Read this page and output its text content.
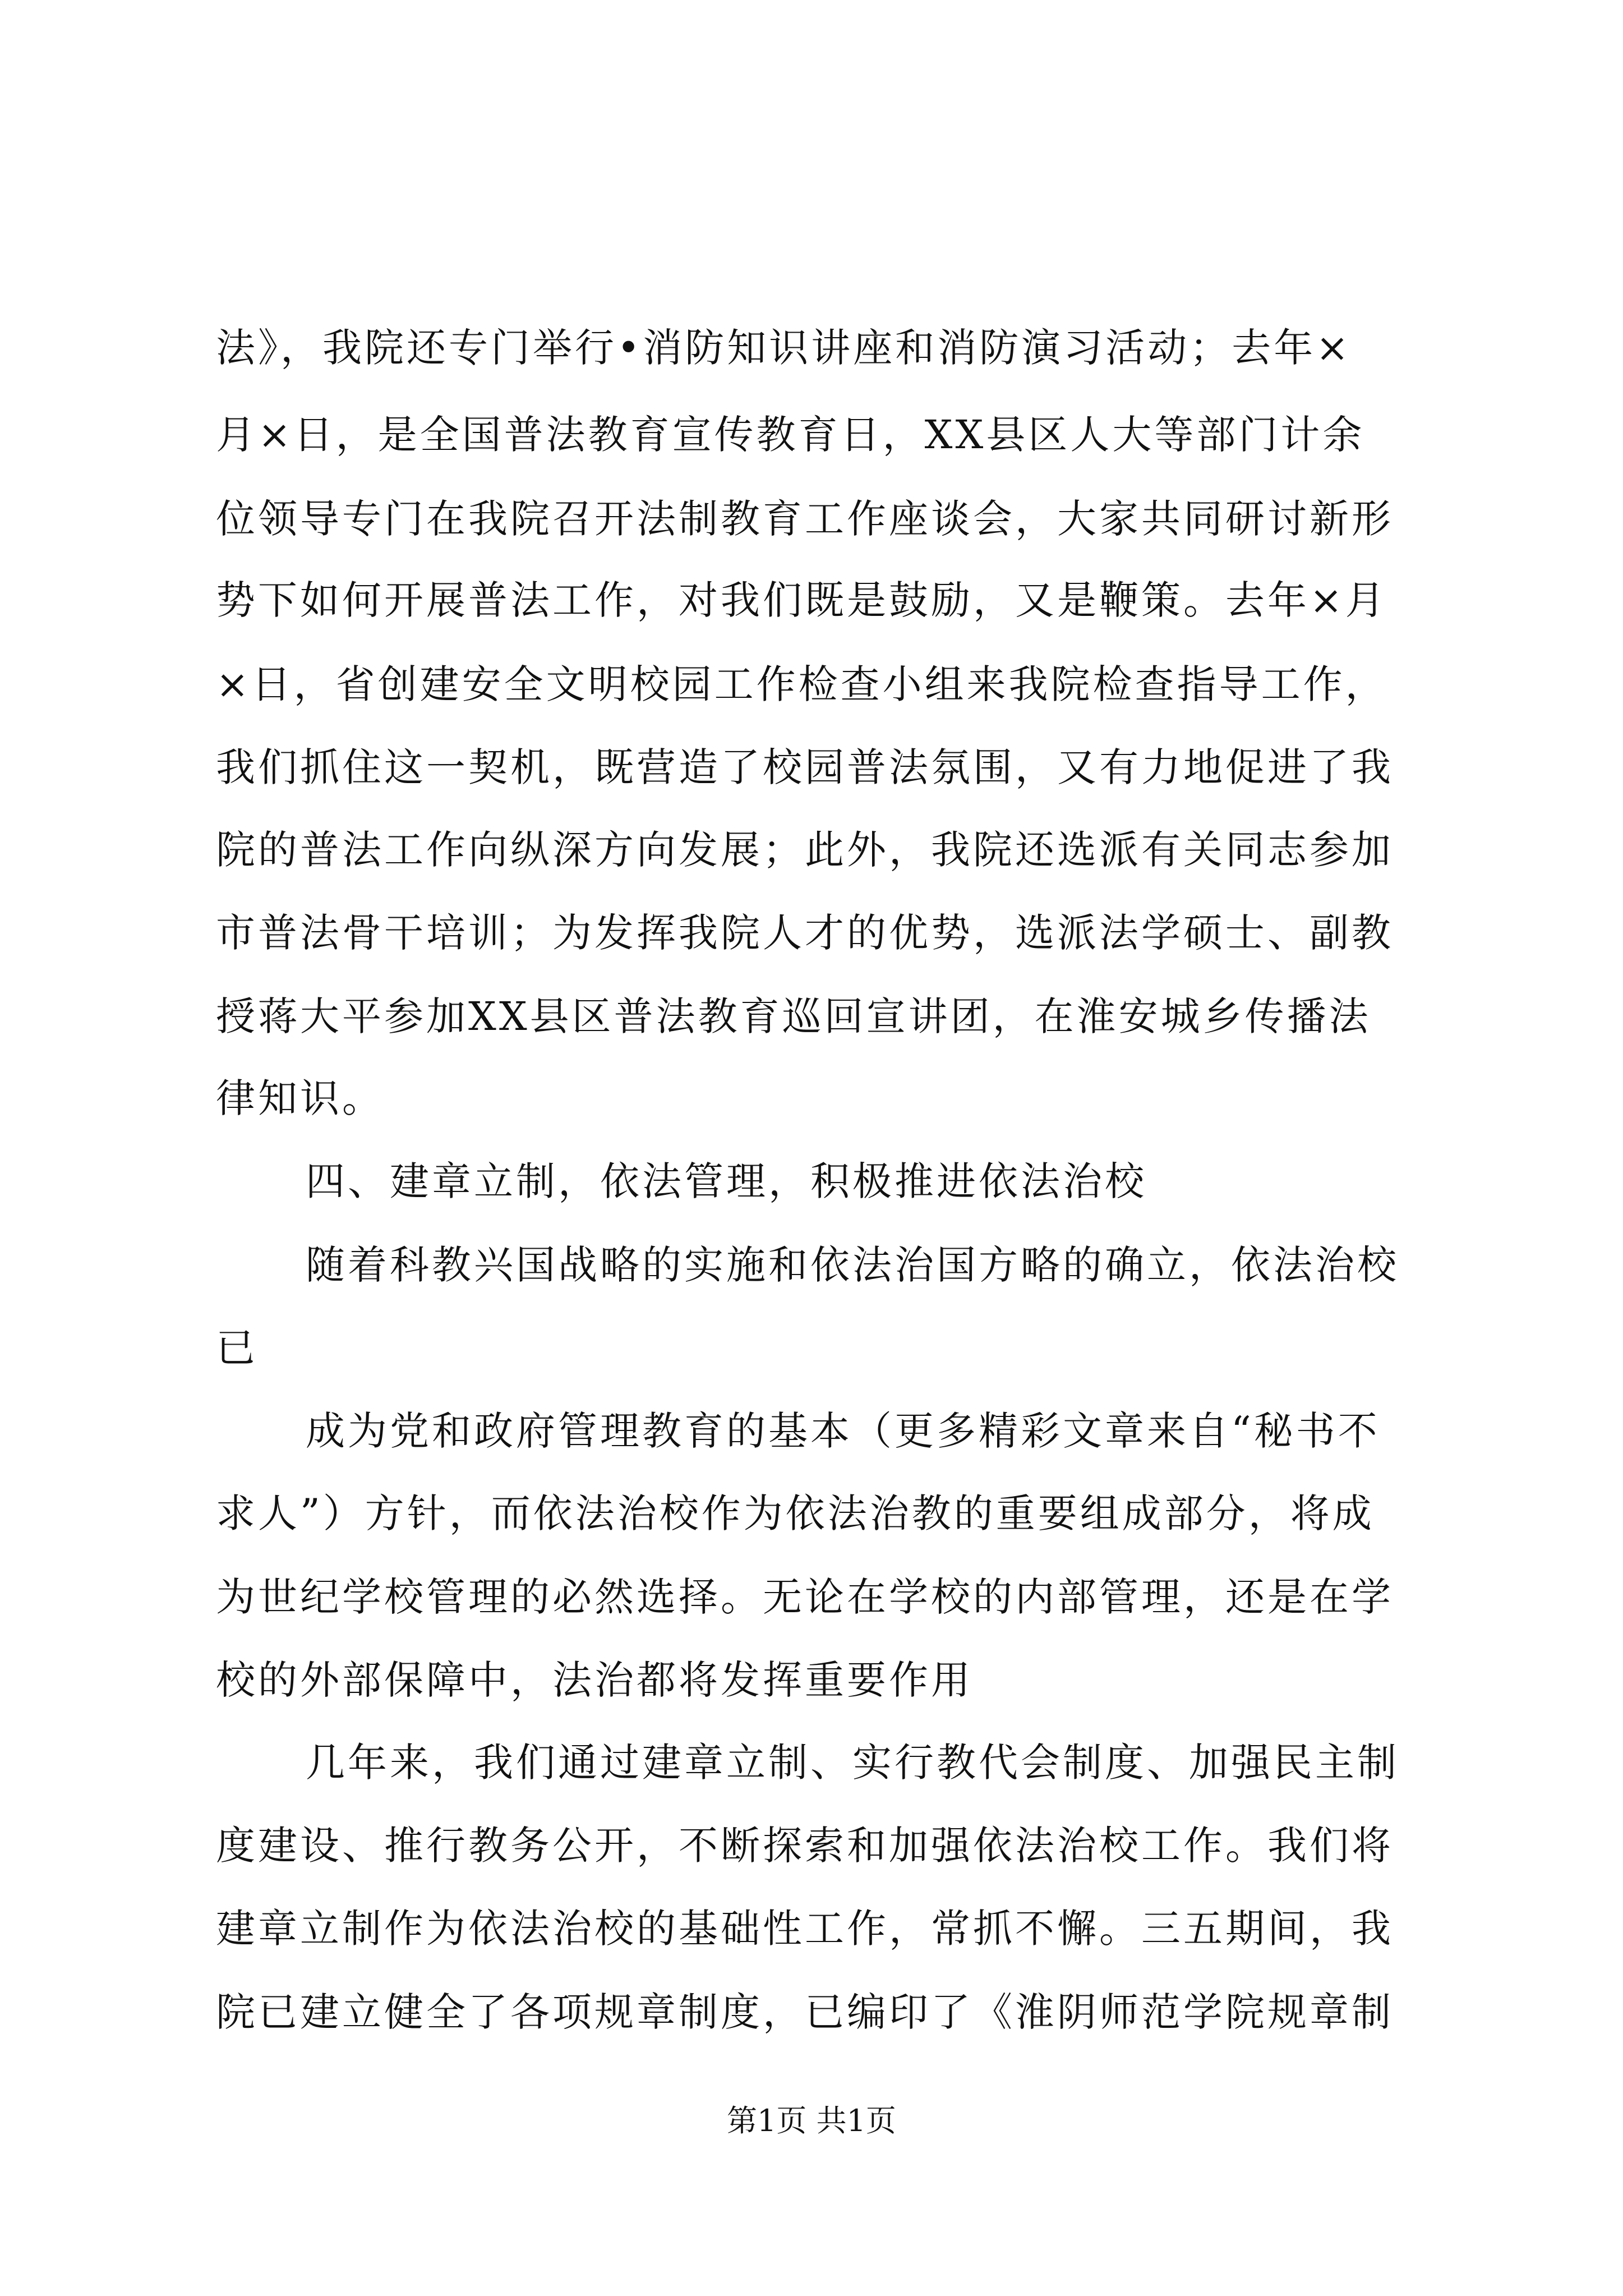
法》，我院还专门举行•消防知识讲座和消防演习活动；去年×
月×日，是全国普法教育宣传教育日，XX县区人大等部门计余
位领导专门在我院召开法制教育工作座谈会，大家共同研讨新形
势下如何开展普法工作，对我们既是鼓励，又是鞭策。去年×月
×日，省创建安全文明校园工作检查小组来我院检查指导工作，
我们抓住这一契机，既营造了校园普法氛围，又有力地促进了我
院的普法工作向纵深方向发展；此外，我院还选派有关同志参加
市普法骨干培训；为发挥我院人才的优势，选派法学硕士、副教
授蒋大平参加XX县区普法教育巡回宣讲团，在淮安城乡传播法
律知识。
四、建章立制，依法管理，积极推进依法治校
随着科教兴国战略的实施和依法治国方略的确立，依法治校
已
成为党和政府管理教育的基本（更多精彩文章来自“秘书不
求人”）方针，而依法治校作为依法治教的重要组成部分，将成
为世纪学校管理的必然选择。无论在学校的内部管理，还是在学
校的外部保障中，法治都将发挥重要作用
几年来，我们通过建章立制、实行教代会制度、加强民主制
度建设、推行教务公开，不断探索和加强依法治校工作。我们将
建章立制作为依法治校的基础性工作，常抓不懈。三五期间，我
院已建立健全了各项规章制度，已编印了《淮阴师范学院规章制
第1页 共1页
